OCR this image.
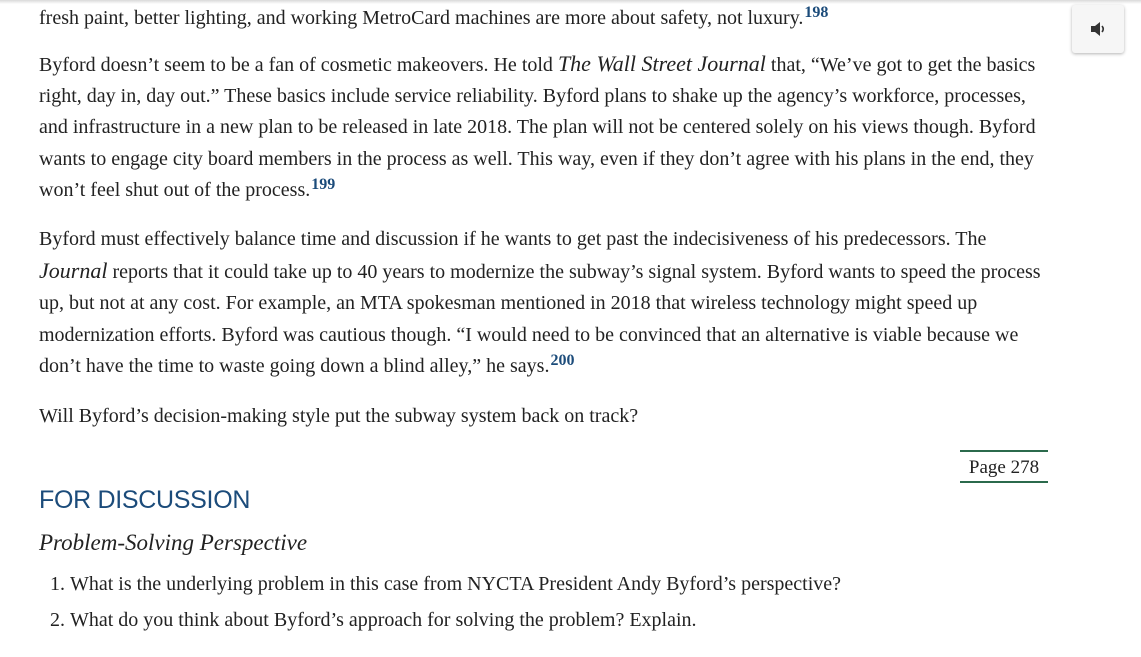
fresh paint, better lighting, and working MetroCard machines are more about safety, not luxury.$^{198}$

Byford doesn’t seem to be a fan of cosmetic makeovers. He told The Wall Street Journal that, “We’ve got to get the basics right, day in, day out.” These basics include service reliability. Byford plans to shake up the agency’s workforce, processes, and infrastructure in a new plan to be released in late 2018. The plan will not be centered solely on his views though. Byford wants to engage city board members in the process as well. This way, even if they don’t agree with his plans in the end, they won’t feel shut out of the process.$^{199}$

Byford must effectively balance time and discussion if he wants to get past the indecisiveness of his predecessors. The Journal reports that it could take up to 40 years to modernize the subway’s signal system. Byford wants to speed the process up, but not at any cost. For example, an MTA spokesman mentioned in 2018 that wireless technology might speed up modernization efforts. Byford was cautious though. “I would need to be convinced that an alternative is viable because we don’t have the time to waste going down a blind alley,” he says.$^{200}$

Will Byford’s decision-making style put the subway system back on track?

Page 278
FOR DISCUSSION
Problem-Solving Perspective
1. What is the underlying problem in this case from NYCTA President Andy Byford’s perspective?
2. What do you think about Byford’s approach for solving the problem? Explain.
